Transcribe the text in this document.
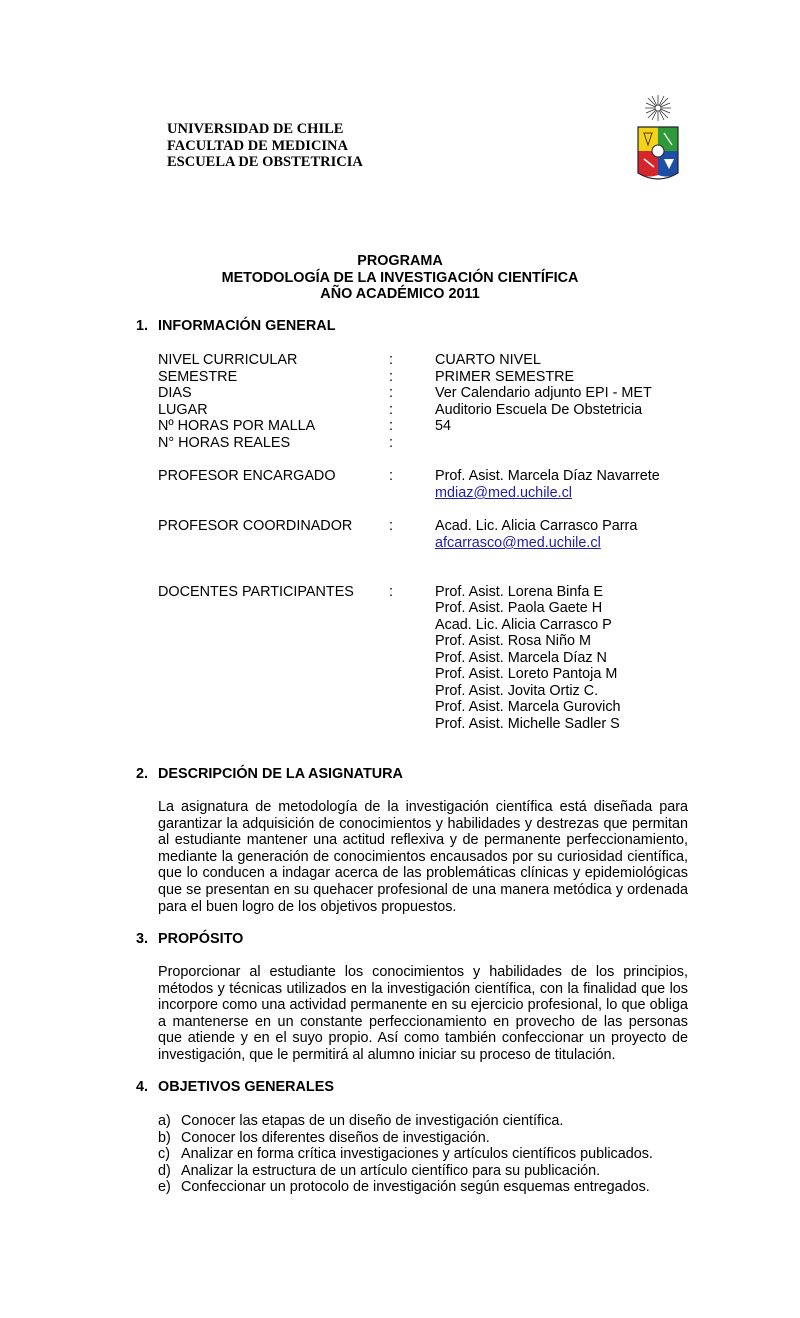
UNIVERSIDAD DE CHILE
FACULTAD DE MEDICINA
ESCUELA DE OBSTETRICIA
PROGRAMA
METODOLOGÍA DE LA INVESTIGACIÓN CIENTÍFICA
AÑO ACADÉMICO 2011
1. INFORMACIÓN GENERAL
NIVEL CURRICULAR	:	CUARTO NIVEL
SEMESTRE	:	PRIMER SEMESTRE
DIAS	:	Ver Calendario adjunto EPI - MET
LUGAR	:	Auditorio Escuela De Obstetricia
Nº HORAS POR MALLA	:	54
N° HORAS REALES	:
PROFESOR ENCARGADO	:	Prof. Asist. Marcela Díaz Navarrete
mdiaz@med.uchile.cl
PROFESOR COORDINADOR	:	Acad. Lic. Alicia Carrasco Parra
afcarrasco@med.uchile.cl
DOCENTES PARTICIPANTES :	Prof. Asist. Lorena Binfa E
Prof. Asist. Paola Gaete H
Acad. Lic. Alicia Carrasco P
Prof. Asist. Rosa Niño M
Prof. Asist. Marcela Díaz N
Prof. Asist. Loreto Pantoja M
Prof. Asist. Jovita Ortiz C.
Prof. Asist. Marcela Gurovich
Prof. Asist. Michelle Sadler S
2. DESCRIPCIÓN DE LA ASIGNATURA
La asignatura de metodología de la investigación científica está diseñada para
garantizar la adquisición de conocimientos y habilidades y destrezas que permitan
al estudiante mantener una actitud reflexiva y de permanente perfeccionamiento,
mediante la generación de conocimientos encausados por su curiosidad científica,
que lo conducen a indagar acerca de las problemáticas clínicas y epidemiológicas
que se presentan en su quehacer profesional de una manera metódica y ordenada
para el buen logro de los objetivos propuestos.
3. PROPÓSITO
Proporcionar al estudiante los conocimientos y habilidades de los principios,
métodos y técnicas utilizados en la investigación científica, con la finalidad que los
incorpore como una actividad permanente en su ejercicio profesional, lo que obliga
a mantenerse en un constante perfeccionamiento en provecho de las personas
que atiende y en el suyo propio. Así como también confeccionar un proyecto de
investigación, que le permitirá al alumno iniciar su proceso de titulación.
4. OBJETIVOS GENERALES
a) Conocer las etapas de un diseño de investigación científica.
b) Conocer los diferentes diseños de investigación.
c) Analizar en forma crítica investigaciones y artículos científicos publicados.
d) Analizar la estructura de un artículo científico para su publicación.
e) Confeccionar un protocolo de investigación según esquemas entregados.
